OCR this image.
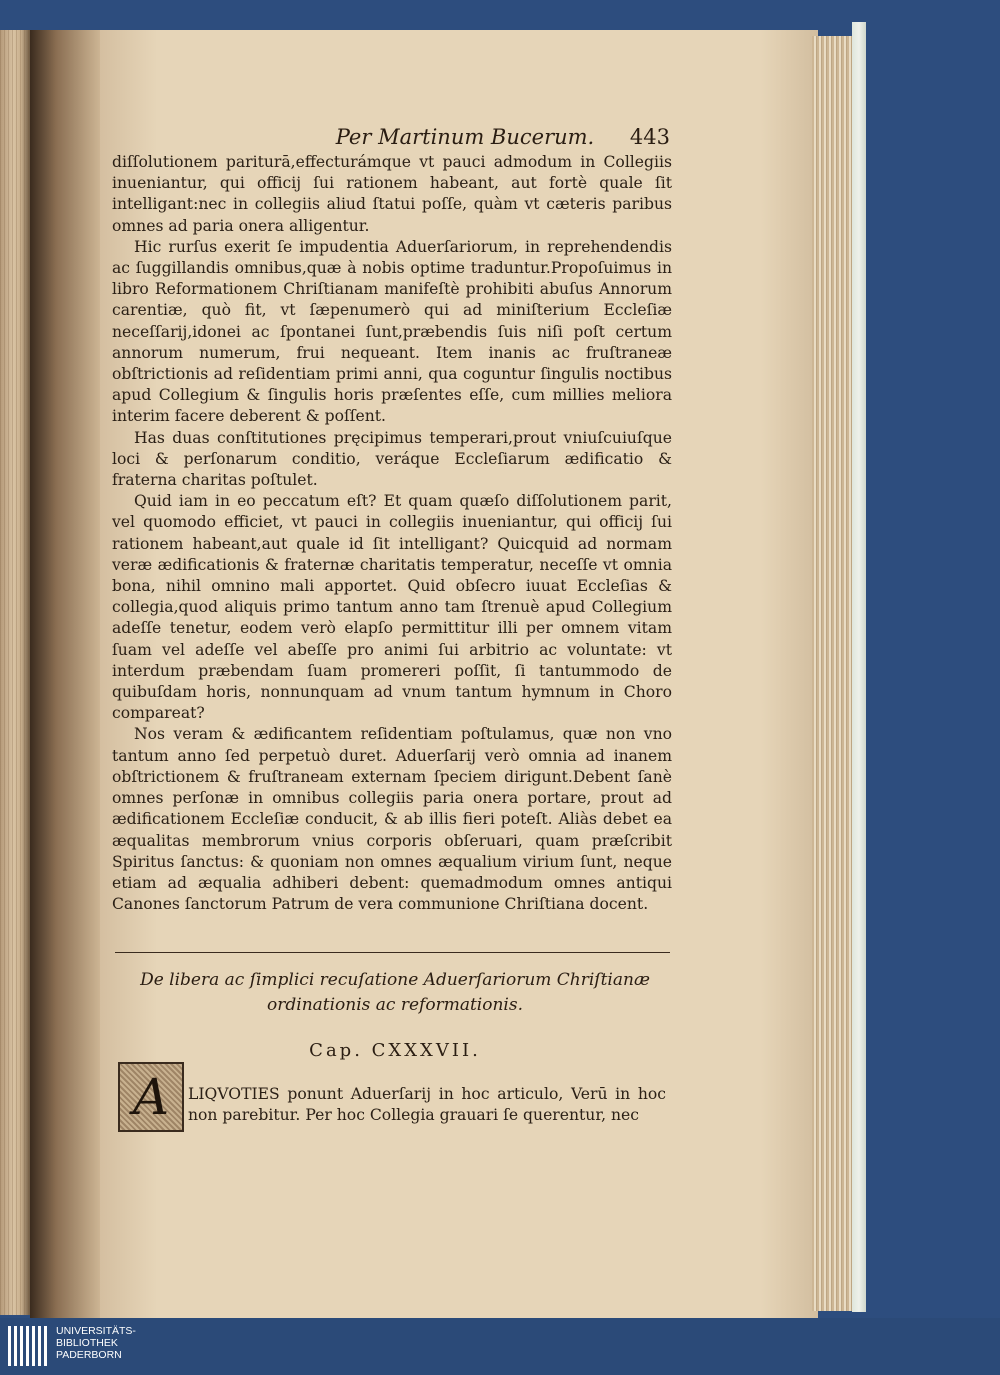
Per Martinum Bucerum.	443

diſſolutionem pariturā,effecturámque vt pauci admodum in Collegiis inueniantur, qui officij ſui rationem habeant, aut fortè quale ſit intelligant:nec in collegiis aliud ſtatui poſſe, quàm vt cæteris paribus omnes ad paria onera alligentur.

Hic rurſus exerit ſe impudentia Aduerſariorum, in reprehendendis ac ſuggillandis omnibus,quæ à nobis optime traduntur.Propoſuimus in libro Reformationem Chriſtianam manifeſtè prohibiti abuſus Annorum carentiæ, quò fit, vt ſæpenumerò qui ad miniſterium Eccleſiæ neceſſarij,idonei ac ſpontanei ſunt,præbendis ſuis niſi poſt certum annorum numerum, frui nequeant. Item inanis ac fruſtraneæ obſtrictionis ad reſidentiam primi anni, qua coguntur ſingulis noctibus apud Collegium & ſingulis horis præſentes eſſe, cum millies meliora interim facere deberent & poſſent.

Has duas conſtitutiones pręcipimus temperari,prout vniuſcuiuſque loci & perſonarum conditio, veráque Eccleſiarum ædificatio & fraterna charitas poſtulet.

Quid iam in eo peccatum eſt? Et quam quæſo diſſolutionem parit, vel quomodo efficiet, vt pauci in collegiis inueniantur, qui officij ſui rationem habeant,aut quale id ſit intelligant? Quicquid ad normam veræ ædificationis & fraternæ charitatis temperatur, neceſſe vt omnia bona, nihil omnino mali apportet. Quid obſecro iuuat Eccleſias & collegia,quod aliquis primo tantum anno tam ſtrenuè apud Collegium adeſſe tenetur, eodem verò elapſo permittitur illi per omnem vitam ſuam vel adeſſe vel abeſſe pro animi ſui arbitrio ac voluntate: vt interdum præbendam ſuam promereri poſſit, ſi tantummodo de quibuſdam horis, nonnunquam ad vnum tantum hymnum in Choro compareat?

Nos veram & ædificantem reſidentiam poſtulamus, quæ non vno tantum anno ſed perpetuò duret. Aduerſarij verò omnia ad inanem obſtrictionem & fruſtraneam externam ſpeciem dirigunt.Debent ſanè omnes perſonæ in omnibus collegiis paria onera portare, prout ad ædificationem Eccleſiæ conducit, & ab illis fieri poteſt. Aliàs debet ea æqualitas membrorum vnius corporis obſeruari, quam præſcribit Spiritus ſanctus: & quoniam non omnes æqualium virium ſunt, neque etiam ad æqualia adhiberi debent: quemadmodum omnes antiqui Canones ſanctorum Patrum de vera communione Chriſtiana docent.

De libera ac ſimplici recuſatione Aduerſariorum Chriſtianæ
ordinationis ac reformationis.
Cap. CXXXVII.
A	LIQVOTIES ponunt Aduerſarij in hoc articulo, Verū in hoc non parebitur. Per hoc Collegia grauari ſe querentur, nec
UNIVERSITÄTS-
BIBLIOTHEK
PADERBORN
